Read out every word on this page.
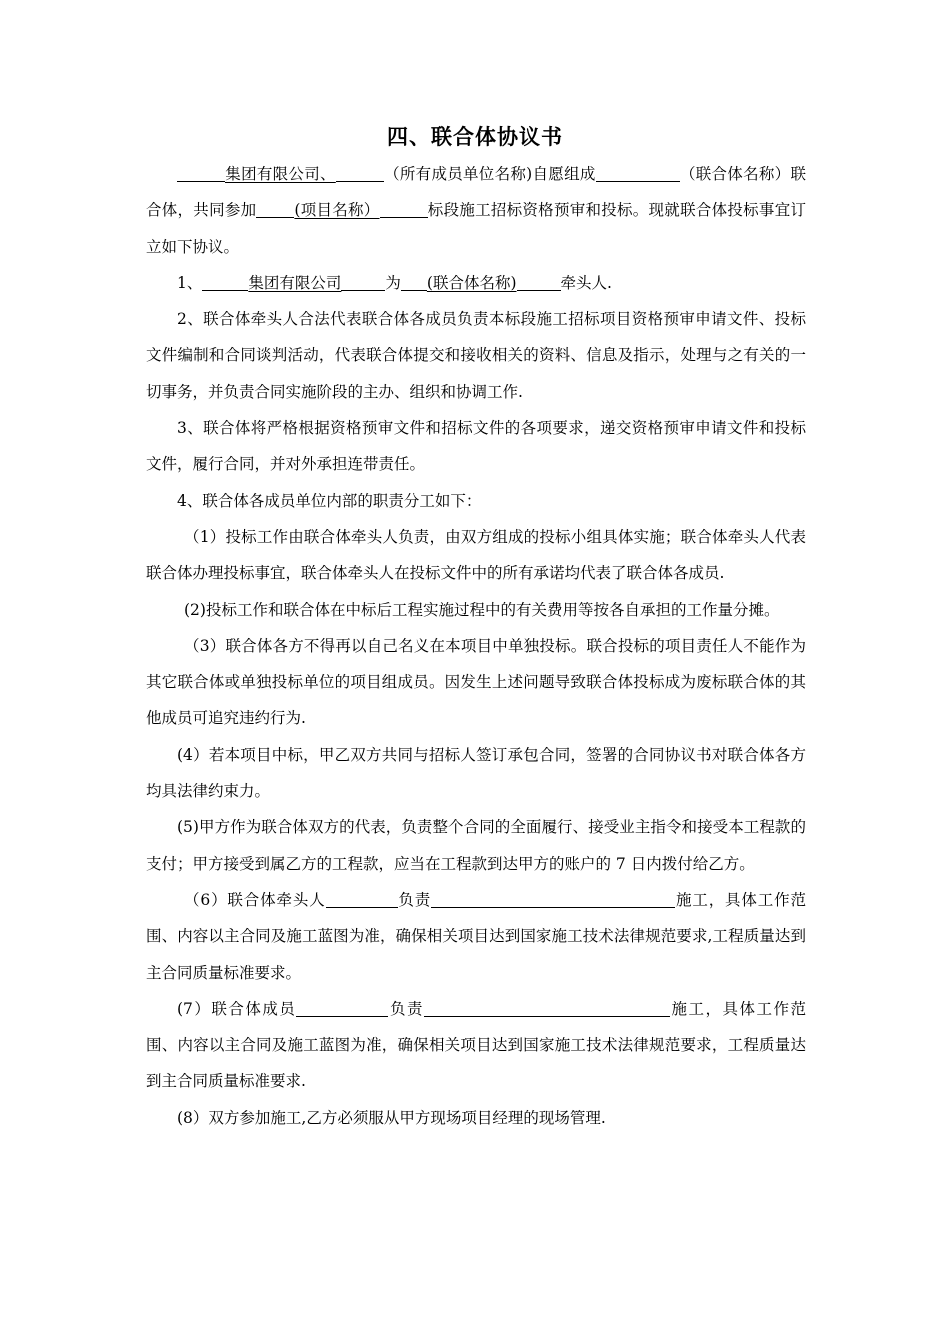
四、联合体协议书

集团有限公司、	（所有成员单位名称)自愿组成	（联合体名称）联合体，共同参加 (项目名称）	标段施工招标资格预审和投标。现就联合体投标事宜订立如下协议。

1、	集团有限公司	为 (联合体名称)	牵头人.

2、联合体牵头人合法代表联合体各成员负责本标段施工招标项目资格预审申请文件、投标文件编制和合同谈判活动，代表联合体提交和接收相关的资料、信息及指示，处理与之有关的一切事务，并负责合同实施阶段的主办、组织和协调工作.

3、联合体将严格根据资格预审文件和招标文件的各项要求，递交资格预审申请文件和投标文件，履行合同，并对外承担连带责任。

4、联合体各成员单位内部的职责分工如下：

（1）投标工作由联合体牵头人负责，由双方组成的投标小组具体实施；联合体牵头人代表联合体办理投标事宜，联合体牵头人在投标文件中的所有承诺均代表了联合体各成员.

(2)投标工作和联合体在中标后工程实施过程中的有关费用等按各自承担的工作量分摊。

（3）联合体各方不得再以自己名义在本项目中单独投标。联合投标的项目责任人不能作为其它联合体或单独投标单位的项目组成员。因发生上述问题导致联合体投标成为废标联合体的其他成员可追究违约行为.

(4）若本项目中标，甲乙双方共同与招标人签订承包合同，签署的合同协议书对联合体各方均具法律约束力。

(5)甲方作为联合体双方的代表，负责整个合同的全面履行、接受业主指令和接受本工程款的支付；甲方接受到属乙方的工程款，应当在工程款到达甲方的账户的 7 日内拨付给乙方。

（6）联合体牵头人	负责	施工，具体工作范围、内容以主合同及施工蓝图为准，确保相关项目达到国家施工技术法律规范要求,工程质量达到主合同质量标准要求。

(7）联合体成员	负责	施工，具体工作范围、内容以主合同及施工蓝图为准，确保相关项目达到国家施工技术法律规范要求，工程质量达到主合同质量标准要求.

(8）双方参加施工,乙方必须服从甲方现场项目经理的现场管理.
